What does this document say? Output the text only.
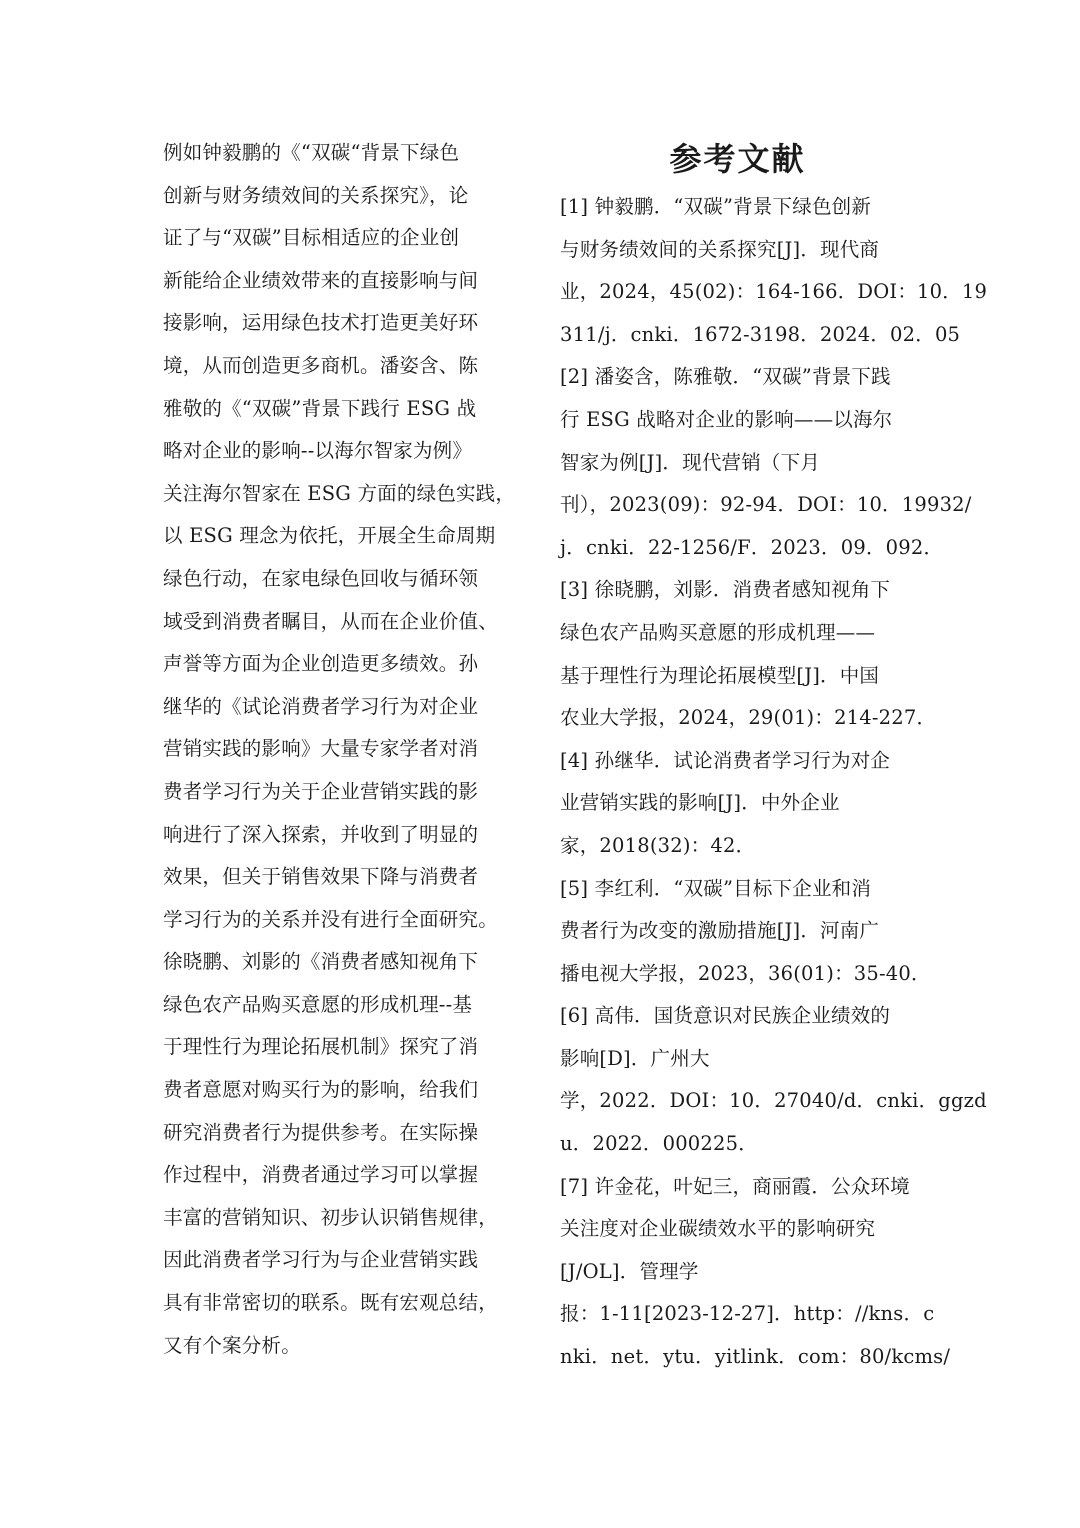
例如钟毅鹏的《“双碳“背景下绿色
创新与财务绩效间的关系探究》，论
证了与“双碳”目标相适应的企业创
新能给企业绩效带来的直接影响与间
接影响，运用绿色技术打造更美好环
境，从而创造更多商机。潘姿含、陈
雅敬的《“双碳”背景下践行 ESG 战
略对企业的影响--以海尔智家为例》
关注海尔智家在 ESG 方面的绿色实践，
以 ESG 理念为依托，开展全生命周期
绿色行动，在家电绿色回收与循环领
域受到消费者瞩目，从而在企业价值、
声誉等方面为企业创造更多绩效。孙
继华的《试论消费者学习行为对企业
营销实践的影响》大量专家学者对消
费者学习行为关于企业营销实践的影
响进行了深入探索，并收到了明显的
效果，但关于销售效果下降与消费者
学习行为的关系并没有进行全面研究。
徐晓鹏、刘影的《消费者感知视角下
绿色农产品购买意愿的形成机理--基
于理性行为理论拓展机制》探究了消
费者意愿对购买行为的影响，给我们
研究消费者行为提供参考。在实际操
作过程中，消费者通过学习可以掌握
丰富的营销知识、初步认识销售规律，
因此消费者学习行为与企业营销实践
具有非常密切的联系。既有宏观总结，
又有个案分析。
参考文献
[1] 钟毅鹏．“双碳”背景下绿色创新
与财务绩效间的关系探究[J]．现代商
业，2024，45(02)：164-166．DOI：10．19
311/j．cnki．1672-3198．2024．02．05
[2] 潘姿含，陈雅敬．“双碳”背景下践
行 ESG 战略对企业的影响——以海尔
智家为例[J]．现代营销（下月
刊），2023(09)：92-94．DOI：10．19932/
j．cnki．22-1256/F．2023．09．092．
[3] 徐晓鹏，刘影．消费者感知视角下
绿色农产品购买意愿的形成机理——
基于理性行为理论拓展模型[J]．中国
农业大学报，2024，29(01)：214-227．
[4] 孙继华．试论消费者学习行为对企
业营销实践的影响[J]．中外企业
家，2018(32)：42．
[5] 李红利．“双碳”目标下企业和消
费者行为改变的激励措施[J]．河南广
播电视大学报，2023，36(01)：35-40．
[6] 高伟．国货意识对民族企业绩效的
影响[D]．广州大
学，2022．DOI：10．27040/d．cnki．ggzd
u．2022．000225．
[7] 许金花，叶妃三，商丽霞．公众环境
关注度对企业碳绩效水平的影响研究
[J/OL]．管理学
报：1-11[2023-12-27]．http：//kns．c
nki．net．ytu．yitlink．com：80/kcms/
